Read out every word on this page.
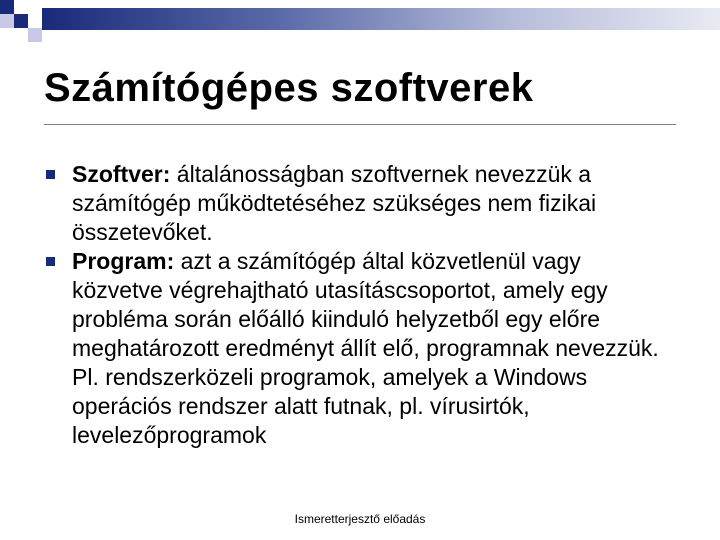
Számítógépes szoftverek
Szoftver: általánosságban szoftvernek nevezzük a számítógép működtetéséhez szükséges nem fizikai összetevőket.
Program: azt a számítógép által közvetlenül vagy közvetve végrehajtható utasításcsoportot, amely egy probléma során előálló kiinduló helyzetből egy előre meghatározott eredményt állít elő, programnak nevezzük. Pl. rendszerközeli programok, amelyek a Windows operációs rendszer alatt futnak, pl. vírusirtók, levelezőprogramok
Ismeretterjesztő előadás
